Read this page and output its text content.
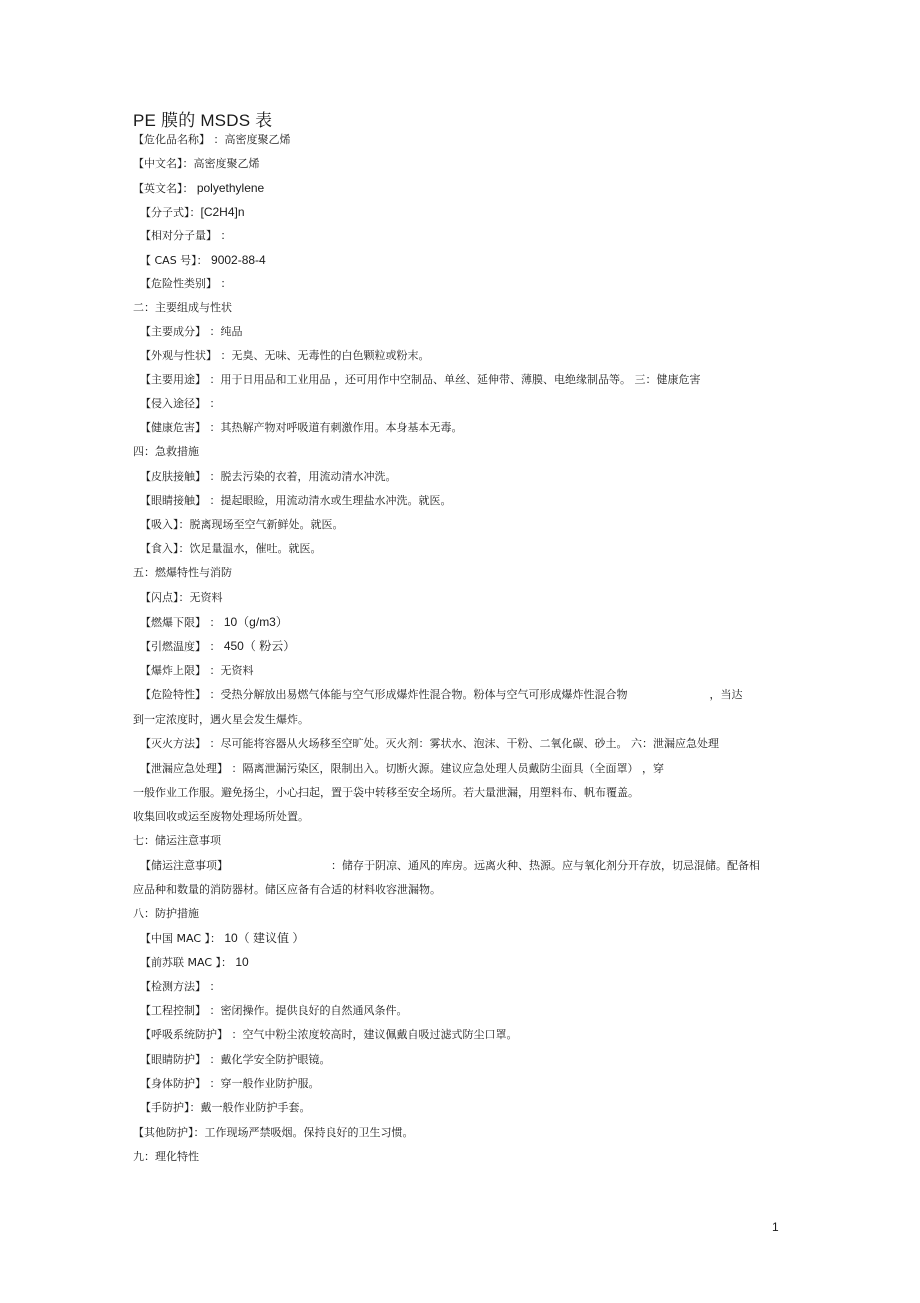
PE 膜的 MSDS 表
【危化品名称】 ：高密度聚乙烯
【中文名】：高密度聚乙烯
【英文名】： polyethylene
【分子式】：[C2H4]n
【相对分子量】 ：
【 CAS 号】： 9002-88-4
【危险性类别】 ：
二：主要组成与性状
【主要成分】 ：纯品
【外观与性状】 ：无臭、无味、无毒性的白色颗粒或粉末。
【主要用途】 ：用于日用品和工业用品 ，还可用作中空制品、单丝、延伸带、薄膜、电绝缘制品等。 三：健康危害
【侵入途径】 ：
【健康危害】 ：其热解产物对呼吸道有刺激作用。本身基本无毒。
四：急救措施
【皮肤接触】 ：脱去污染的衣着，用流动清水冲洗。
【眼睛接触】 ：提起眼睑，用流动清水或生理盐水冲洗。就医。
【吸入】：脱离现场至空气新鲜处。就医。
【食入】：饮足量温水，催吐。就医。
五：燃爆特性与消防
【闪点】：无资料
【燃爆下限】 ： 10（g/m3）
【引燃温度】 ： 450（ 粉云）
【爆炸上限】 ：无资料
【危险特性】 ：受热分解放出易燃气体能与空气形成爆炸性混合物。粉体与空气可形成爆炸性混合物	，当达
到一定浓度时，遇火星会发生爆炸。
【灭火方法】 ：尽可能将容器从火场移至空旷处。灭火剂：雾状水、泡沫、干粉、二氧化碳、砂土。 六：泄漏应急处理
【泄漏应急处理】 ：隔离泄漏污染区，限制出入。切断火源。建议应急处理人员戴防尘面具（全面罩） ，穿
一般作业工作服。避免扬尘，小心扫起，置于袋中转移至安全场所。若大量泄漏，用塑料布、帆布覆盖。
收集回收或运至废物处理场所处置。
七：储运注意事项
【储运注意事项】	：储存于阴凉、通风的库房。远离火种、热源。应与氧化剂分开存放，切忌混储。配备相
应品种和数量的消防器材。储区应备有合适的材料收容泄漏物。
八：防护措施
【中国 MAC 】： 10（ 建议值 ）
【前苏联 MAC 】： 10
【检测方法】 ：
【工程控制】 ：密闭操作。提供良好的自然通风条件。
【呼吸系统防护】 ：空气中粉尘浓度较高时，建议佩戴自吸过滤式防尘口罩。
【眼睛防护】 ：戴化学安全防护眼镜。
【身体防护】 ：穿一般作业防护服。
【手防护】：戴一般作业防护手套。
【其他防护】：工作现场严禁吸烟。保持良好的卫生习惯。
九：理化特性
1
